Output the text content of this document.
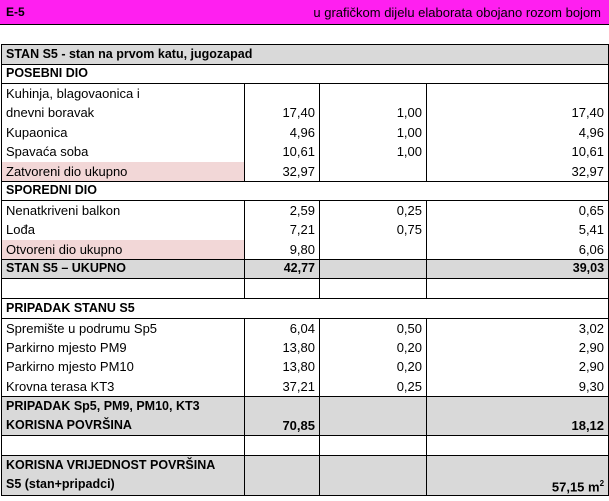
E-5	u grafičkom dijelu elaborata obojano rozom bojom
STAN S5 - stan na prvom katu, jugozapad			
POSEBNI DIO			
Kuhinja, blagovaonica i			
dnevni boravak	17,40	1,00	17,40
Kupaonica	4,96	1,00	4,96
Spavaća soba	10,61	1,00	10,61
Zatvoreni dio ukupno	32,97		32,97
SPOREDNI DIO			
Nenatkriveni balkon	2,59	0,25	0,65
Lođa	7,21	0,75	5,41
Otvoreni dio ukupno	9,80		6,06
STAN S5 – UKUPNO	42,77		39,03

PRIPADAK STANU S5			
Spremište u podrumu Sp5	6,04	0,50	3,02
Parkirno mjesto PM9	13,80	0,20	2,90
Parkirno mjesto PM10	13,80	0,20	2,90
Krovna terasa KT3	37,21	0,25	9,30
PRIPADAK Sp5, PM9, PM10, KT3			
KORISNA POVRŠINA	70,85		18,12

KORISNA VRIJEDNOST POVRŠINA			
S5 (stan+pripadci)			57,15 $m^2$
